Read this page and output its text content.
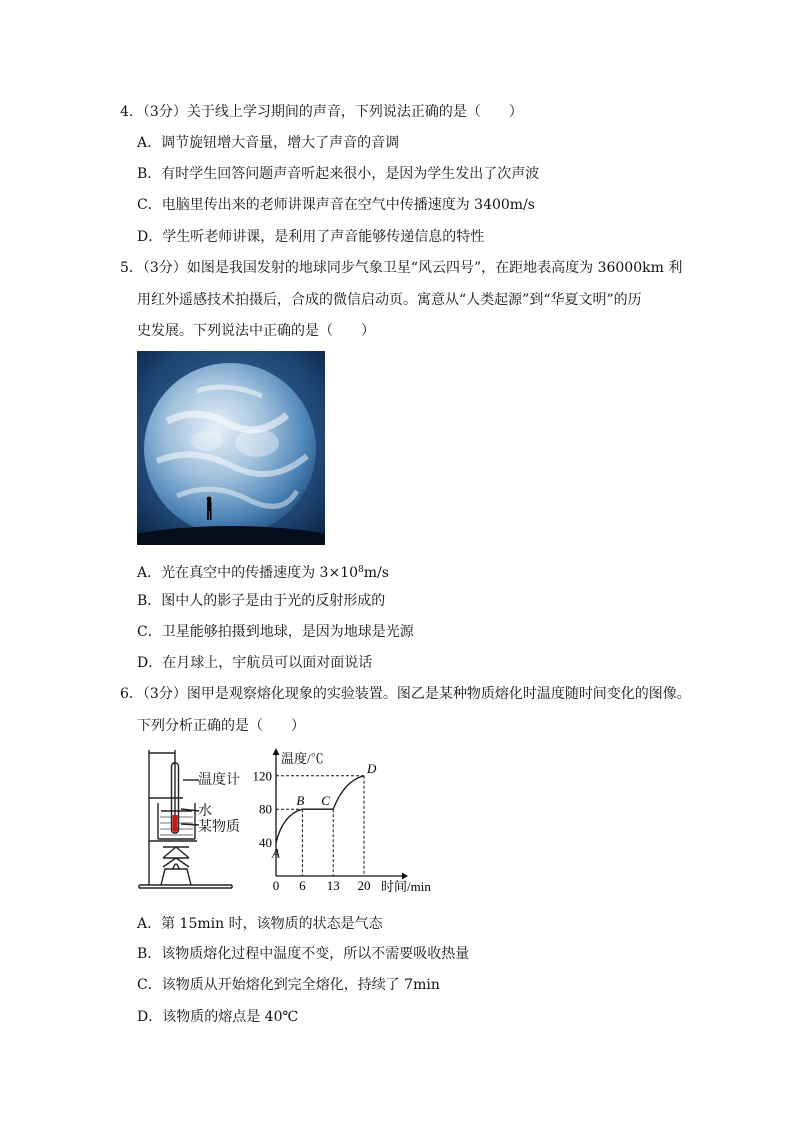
4．（3分）关于线上学习期间的声音，下列说法正确的是（　　）
A．调节旋钮增大音量，增大了声音的音调
B．有时学生回答问题声音听起来很小，是因为学生发出了次声波
C．电脑里传出来的老师讲课声音在空气中传播速度为 3400m/s
D．学生听老师讲课，是利用了声音能够传递信息的特性
5．（3分）如图是我国发射的地球同步气象卫星“风云四号”，在距地表高度为 36000km 利
用红外遥感技术拍摄后，合成的微信启动页。寓意从“人类起源”到“华夏文明”的历
史发展。下列说法中正确的是（　　）
A．光在真空中的传播速度为 $3\times 10^8m/s$
B．图中人的影子是由于光的反射形成的
C．卫星能够拍摄到地球，是因为地球是光源
D．在月球上，宇航员可以面对面说话
6．（3分）图甲是观察熔化现象的实验装置。图乙是某种物质熔化时温度随时间变化的图像。
下列分析正确的是（　　）
温度计
水
某物质
温度/℃
时间/min
0 6 13 20
40
80
120
A
B C
D
A．第 15min 时，该物质的状态是气态
B．该物质熔化过程中温度不变，所以不需要吸收热量
C．该物质从开始熔化到完全熔化，持续了 7min
D．该物质的熔点是 40℃
